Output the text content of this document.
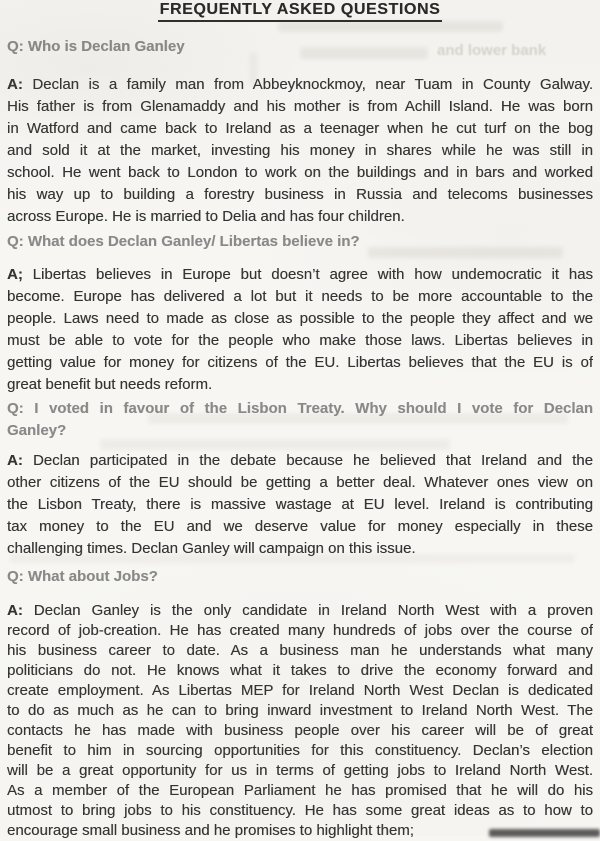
and lower bank
FREQUENTLY ASKED QUESTIONS
Q: Who is Declan Ganley
A: Declan is a family man from Abbeyknockmoy, near Tuam in County Galway.
His father is from Glenamaddy and his mother is from Achill Island. He was born
in Watford and came back to Ireland as a teenager when he cut turf on the bog
and sold it at the market, investing his money in shares while he was still in
school. He went back to London to work on the buildings and in bars and worked
his way up to building a forestry business in Russia and telecoms businesses
across Europe. He is married to Delia and has four children.
Q: What does Declan Ganley/ Libertas believe in?
A; Libertas believes in Europe but doesn’t agree with how undemocratic it has
become. Europe has delivered a lot but it needs to be more accountable to the
people. Laws need to made as close as possible to the people they affect and we
must be able to vote for the people who make those laws. Libertas believes in
getting value for money for citizens of the EU. Libertas believes that the EU is of
great benefit but needs reform.
Q: I voted in favour of the Lisbon Treaty. Why should I vote for Declan
Ganley?
A: Declan participated in the debate because he believed that Ireland and the
other citizens of the EU should be getting a better deal. Whatever ones view on
the Lisbon Treaty, there is massive wastage at EU level. Ireland is contributing
tax money to the EU and we deserve value for money especially in these
challenging times. Declan Ganley will campaign on this issue.
Q: What about Jobs?
A: Declan Ganley is the only candidate in Ireland North West with a proven
record of job-creation. He has created many hundreds of jobs over the course of
his business career to date. As a business man he understands what many
politicians do not. He knows what it takes to drive the economy forward and
create employment. As Libertas MEP for Ireland North West Declan is dedicated
to do as much as he can to bring inward investment to Ireland North West. The
contacts he has made with business people over his career will be of great
benefit to him in sourcing opportunities for this constituency. Declan’s election
will be a great opportunity for us in terms of getting jobs to Ireland North West.
As a member of the European Parliament he has promised that he will do his
utmost to bring jobs to his constituency. He has some great ideas as to how to
encourage small business and he promises to highlight them;
